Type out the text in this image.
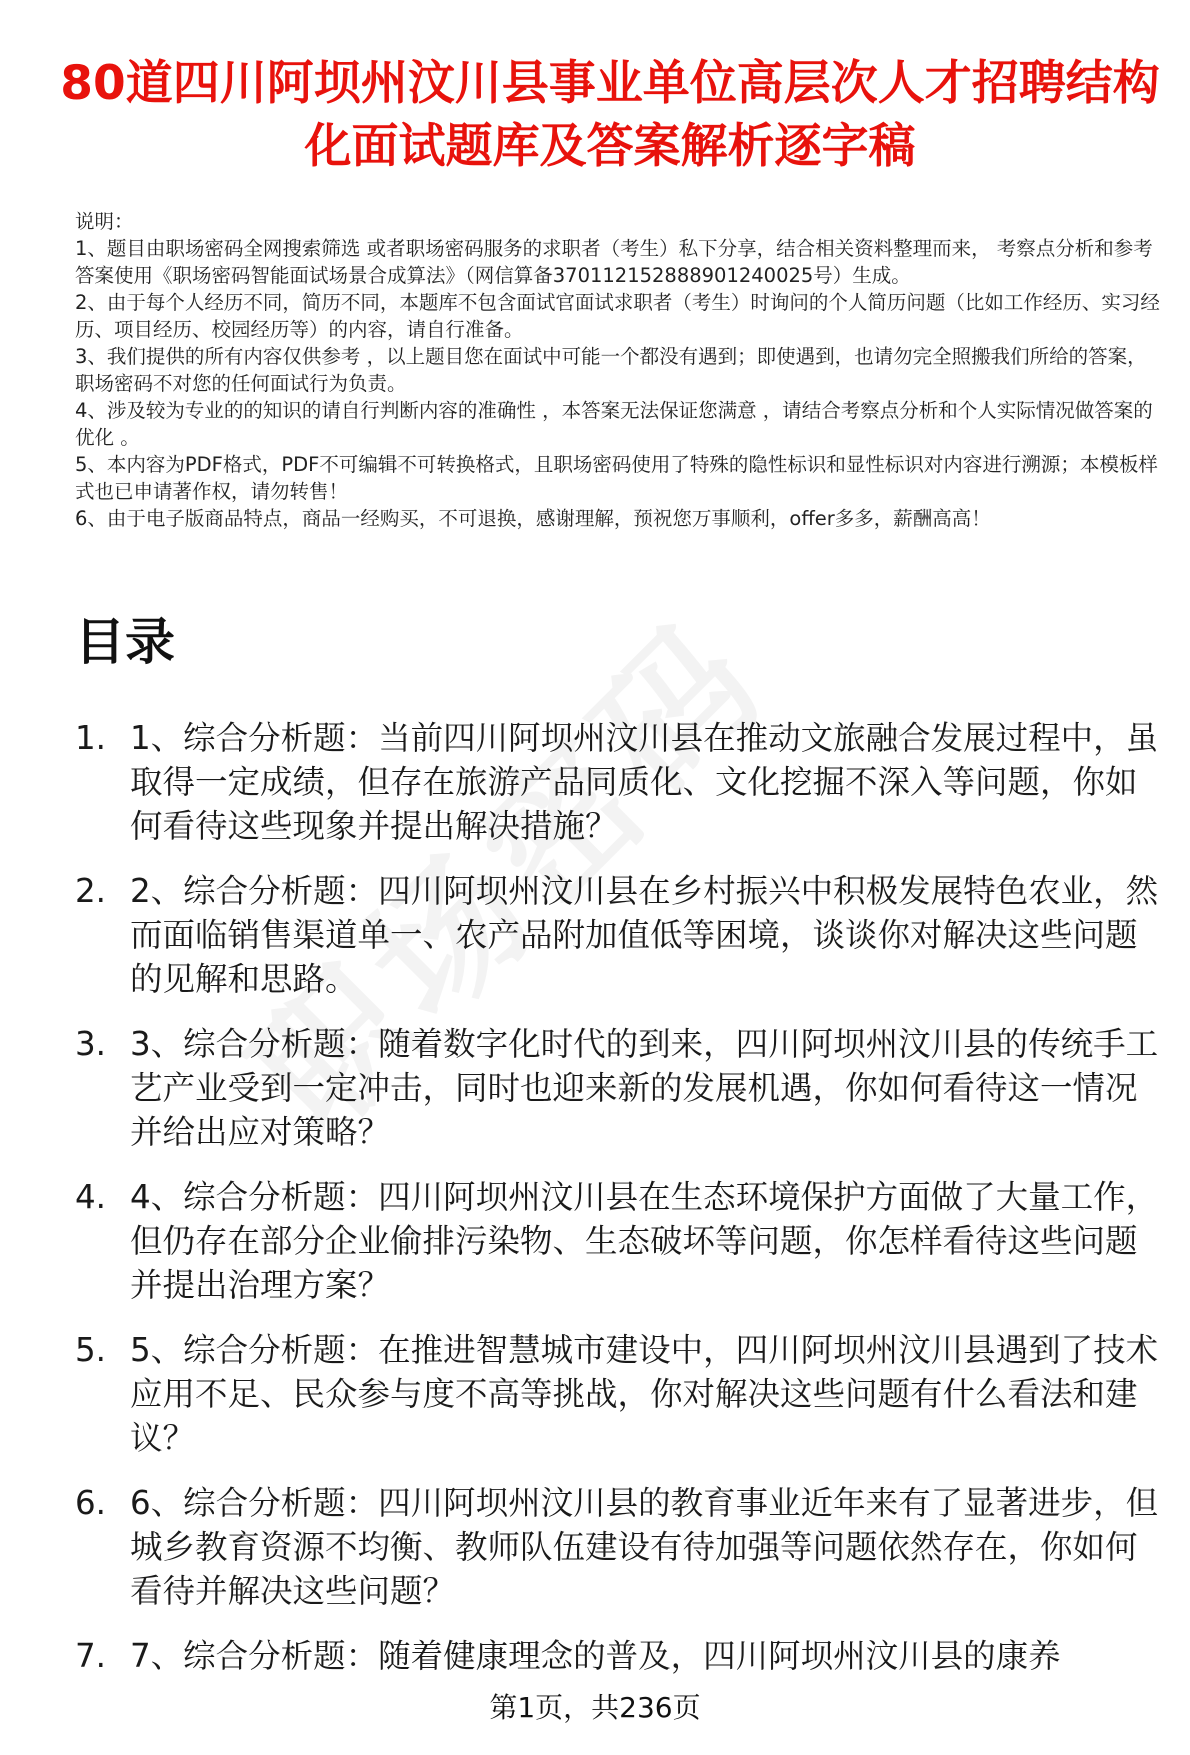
80道四川阿坝州汶川县事业单位高层次人才招聘结构化面试题库及答案解析逐字稿
说明：
1、题目由职场密码全网搜索筛选 或者职场密码服务的求职者（考生）私下分享，结合相关资料整理而来， 考察点分析和参考答案使用《职场密码智能面试场景合成算法》（网信算备370112152888901240025号）生成。
2、由于每个人经历不同，简历不同，本题库不包含面试官面试求职者（考生）时询问的个人简历问题（比如工作经历、实习经历、项目经历、校园经历等）的内容，请自行准备。
3、我们提供的所有内容仅供参考 ，以上题目您在面试中可能一个都没有遇到；即使遇到，也请勿完全照搬我们所给的答案，职场密码不对您的任何面试行为负责。
4、涉及较为专业的的知识的请自行判断内容的准确性 ，本答案无法保证您满意 ，请结合考察点分析和个人实际情况做答案的优化 。
5、本内容为PDF格式，PDF不可编辑不可转换格式，且职场密码使用了特殊的隐性标识和显性标识对内容进行溯源；本模板样式也已申请著作权，请勿转售！
6、由于电子版商品特点，商品一经购买，不可退换，感谢理解，预祝您万事顺利，offer多多，薪酬高高！
目录
1. 1、综合分析题：当前四川阿坝州汶川县在推动文旅融合发展过程中，虽取得一定成绩，但存在旅游产品同质化、文化挖掘不深入等问题，你如何看待这些现象并提出解决措施？
2. 2、综合分析题：四川阿坝州汶川县在乡村振兴中积极发展特色农业，然而面临销售渠道单一、农产品附加值低等困境，谈谈你对解决这些问题的见解和思路。
3. 3、综合分析题：随着数字化时代的到来，四川阿坝州汶川县的传统手工艺产业受到一定冲击，同时也迎来新的发展机遇，你如何看待这一情况并给出应对策略？
4. 4、综合分析题：四川阿坝州汶川县在生态环境保护方面做了大量工作，但仍存在部分企业偷排污染物、生态破坏等问题，你怎样看待这些问题并提出治理方案？
5. 5、综合分析题：在推进智慧城市建设中，四川阿坝州汶川县遇到了技术应用不足、民众参与度不高等挑战，你对解决这些问题有什么看法和建议？
6. 6、综合分析题：四川阿坝州汶川县的教育事业近年来有了显著进步，但城乡教育资源不均衡、教师队伍建设有待加强等问题依然存在，你如何看待并解决这些问题？
7. 7、综合分析题：随着健康理念的普及，四川阿坝州汶川县的康养
第1页，共236页
